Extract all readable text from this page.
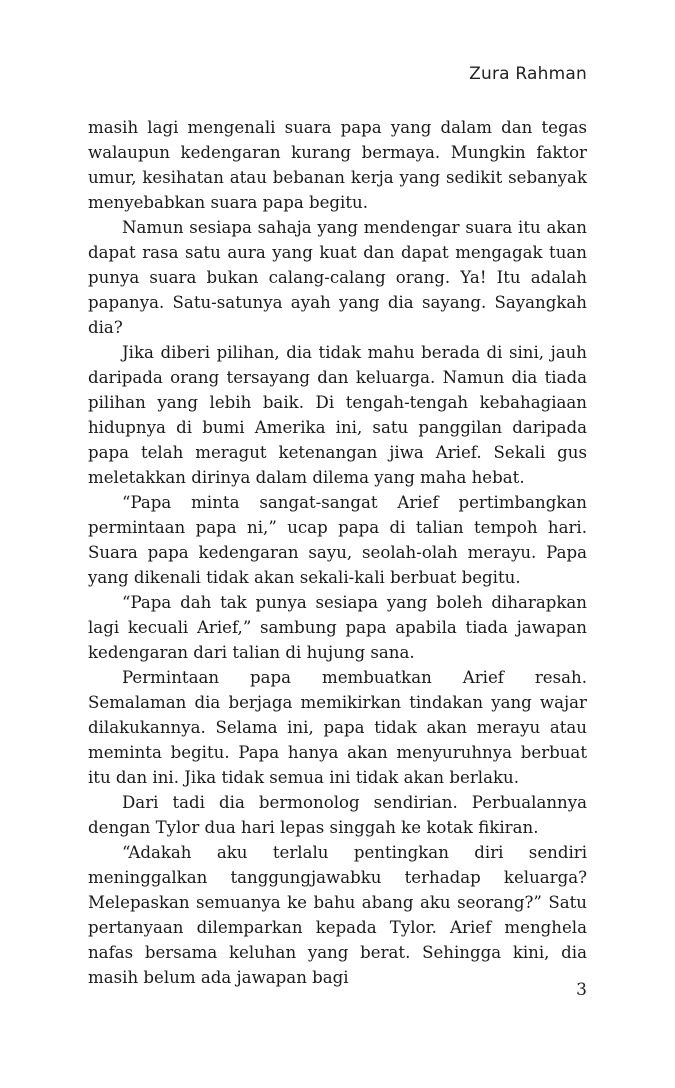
Zura Rahman

masih lagi mengenali suara papa yang dalam dan tegas walaupun kedengaran kurang bermaya. Mungkin faktor umur, kesihatan atau bebanan kerja yang sedikit sebanyak menyebabkan suara papa begitu.

Namun sesiapa sahaja yang mendengar suara itu akan dapat rasa satu aura yang kuat dan dapat mengagak tuan punya suara bukan calang-calang orang. Ya! Itu adalah papanya. Satu-satunya ayah yang dia sayang. Sayangkah dia?

Jika diberi pilihan, dia tidak mahu berada di sini, jauh daripada orang tersayang dan keluarga. Namun dia tiada pilihan yang lebih baik. Di tengah-tengah kebahagiaan hidupnya di bumi Amerika ini, satu panggilan daripada papa telah meragut ketenangan jiwa Arief. Sekali gus meletakkan dirinya dalam dilema yang maha hebat.

“Papa minta sangat-sangat Arief pertimbangkan permintaan papa ni,” ucap papa di talian tempoh hari. Suara papa kedengaran sayu, seolah-olah merayu. Papa yang dikenali tidak akan sekali-kali berbuat begitu.

“Papa dah tak punya sesiapa yang boleh diharapkan lagi kecuali Arief,” sambung papa apabila tiada jawapan kedengaran dari talian di hujung sana.

Permintaan papa membuatkan Arief resah. Semalaman dia berjaga memikirkan tindakan yang wajar dilakukannya. Selama ini, papa tidak akan merayu atau meminta begitu. Papa hanya akan menyuruhnya berbuat itu dan ini. Jika tidak semua ini tidak akan berlaku.

Dari tadi dia bermonolog sendirian. Perbualannya dengan Tylor dua hari lepas singgah ke kotak fikiran.

“Adakah aku terlalu pentingkan diri sendiri meninggalkan tanggungjawabku terhadap keluarga? Melepaskan semuanya ke bahu abang aku seorang?” Satu pertanyaan dilemparkan kepada Tylor. Arief menghela nafas bersama keluhan yang berat. Sehingga kini, dia masih belum ada jawapan bagi

3
